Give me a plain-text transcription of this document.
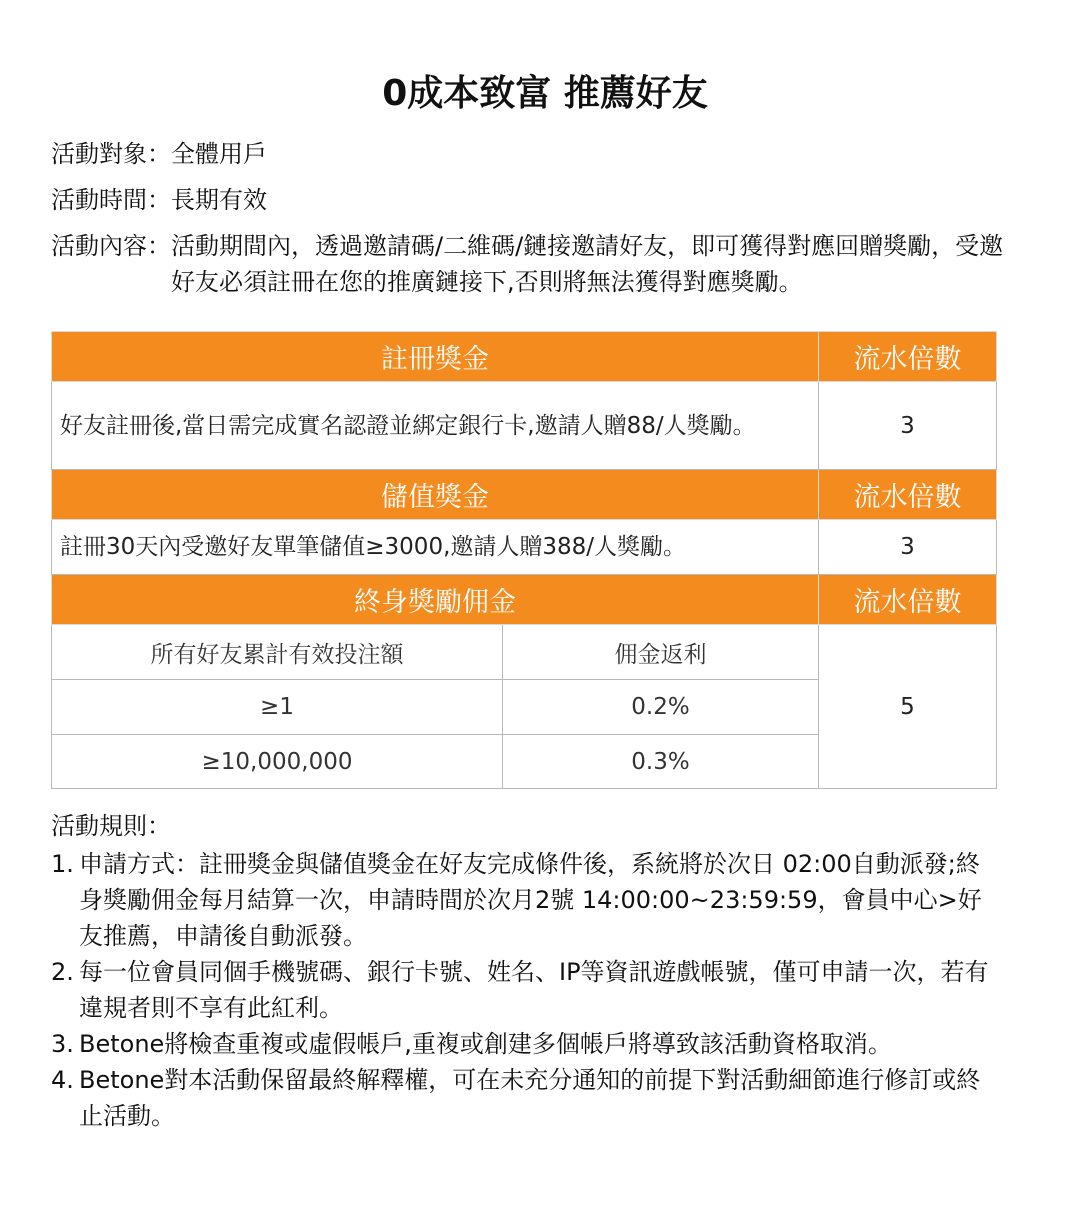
0成本致富 推薦好友
活動對象：全體用戶
活動時間：長期有效
活動內容： 活動期間內，透過邀請碼/二維碼/鏈接邀請好友，即可獲得對應回贈獎勵，受邀好友必須註冊在您的推廣鏈接下,否則將無法獲得對應獎勵。
註冊獎金		流水倍數
好友註冊後,當日需完成實名認證並綁定銀行卡,邀請人贈88/人獎勵。		3
儲值獎金		流水倍數
註冊30天內受邀好友單筆儲值≥3000,邀請人贈388/人獎勵。		3
終身獎勵佣金		流水倍數
所有好友累計有效投注額	佣金返利	5
≥1	0.2%	
≥10,000,000	0.3%	
活動規則：
1. 申請方式：註冊獎金與儲值獎金在好友完成條件後，系統將於次日 02:00自動派發;終身獎勵佣金每月結算一次，申請時間於次月2號 14:00:00~23:59:59，會員中心>好友推薦，申請後自動派發。
2. 每一位會員同個手機號碼、銀行卡號、姓名、IP等資訊遊戲帳號，僅可申請一次，若有違規者則不享有此紅利。
3. Betone將檢查重複或虛假帳戶,重複或創建多個帳戶將導致該活動資格取消。
4. Betone對本活動保留最終解釋權，可在未充分通知的前提下對活動細節進行修訂或終止活動。
